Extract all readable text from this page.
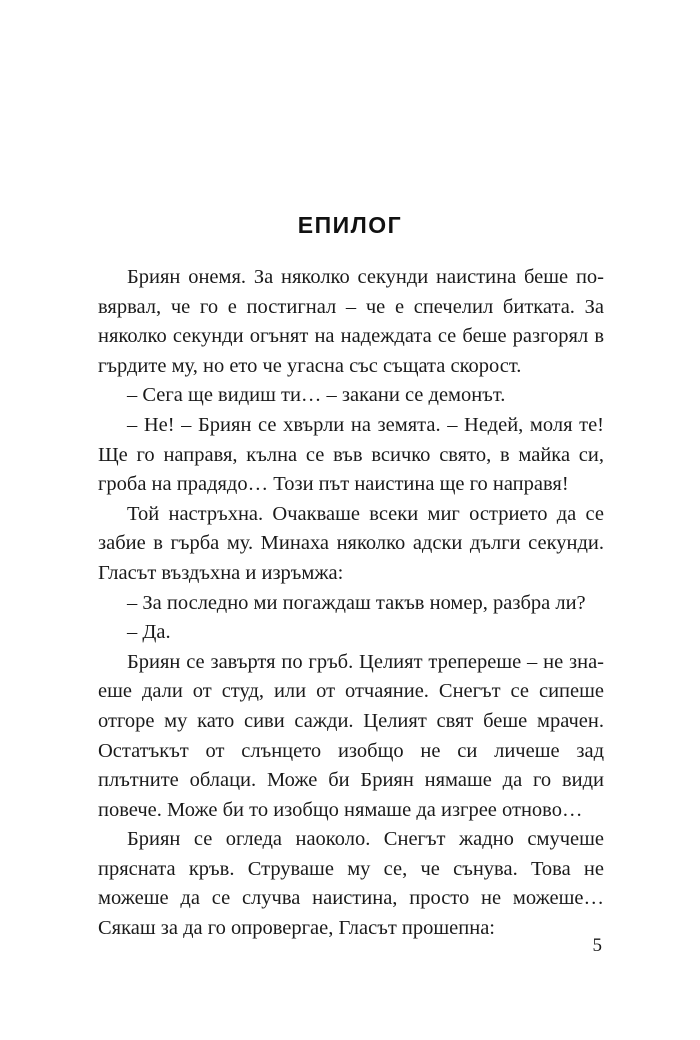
ЕПИЛОГ

Бриян онемя. За няколко секунди наистина беше повярвал, че го е постигнал – че е спечелил битката. За няколко секунди огънят на надеждата се беше разгорял в гърдите му, но ето че угасна със същата скорост.

– Сега ще видиш ти… – закани се демонът.

– Не! – Бриян се хвърли на земята. – Недей, моля те! Ще го направя, кълна се във всичко свято, в майка си, гроба на прадядо… Този път наистина ще го направя!

Той настръхна. Очакваше всеки миг острието да се забие в гърба му. Минаха няколко адски дълги секунди. Гласът въздъхна и изръмжа:

– За последно ми погаждаш такъв номер, разбра ли?

– Да.

Бриян се завъртя по гръб. Целият трепереше – не знаеше дали от студ, или от отчаяние. Снегът се сипеше отгоре му като сиви сажди. Целият свят беше мрачен. Остатъкът от слънцето изобщо не си личеше зад плътните облаци. Може би Бриян нямаше да го види повече. Може би то изобщо нямаше да изгрее отново…

Бриян се огледа наоколо. Снегът жадно смучеше прясната кръв. Струваше му се, че сънува. Това не можеше да се случва наистина, просто не можеше… Сякаш за да го опровергае, Гласът прошепна:

5
